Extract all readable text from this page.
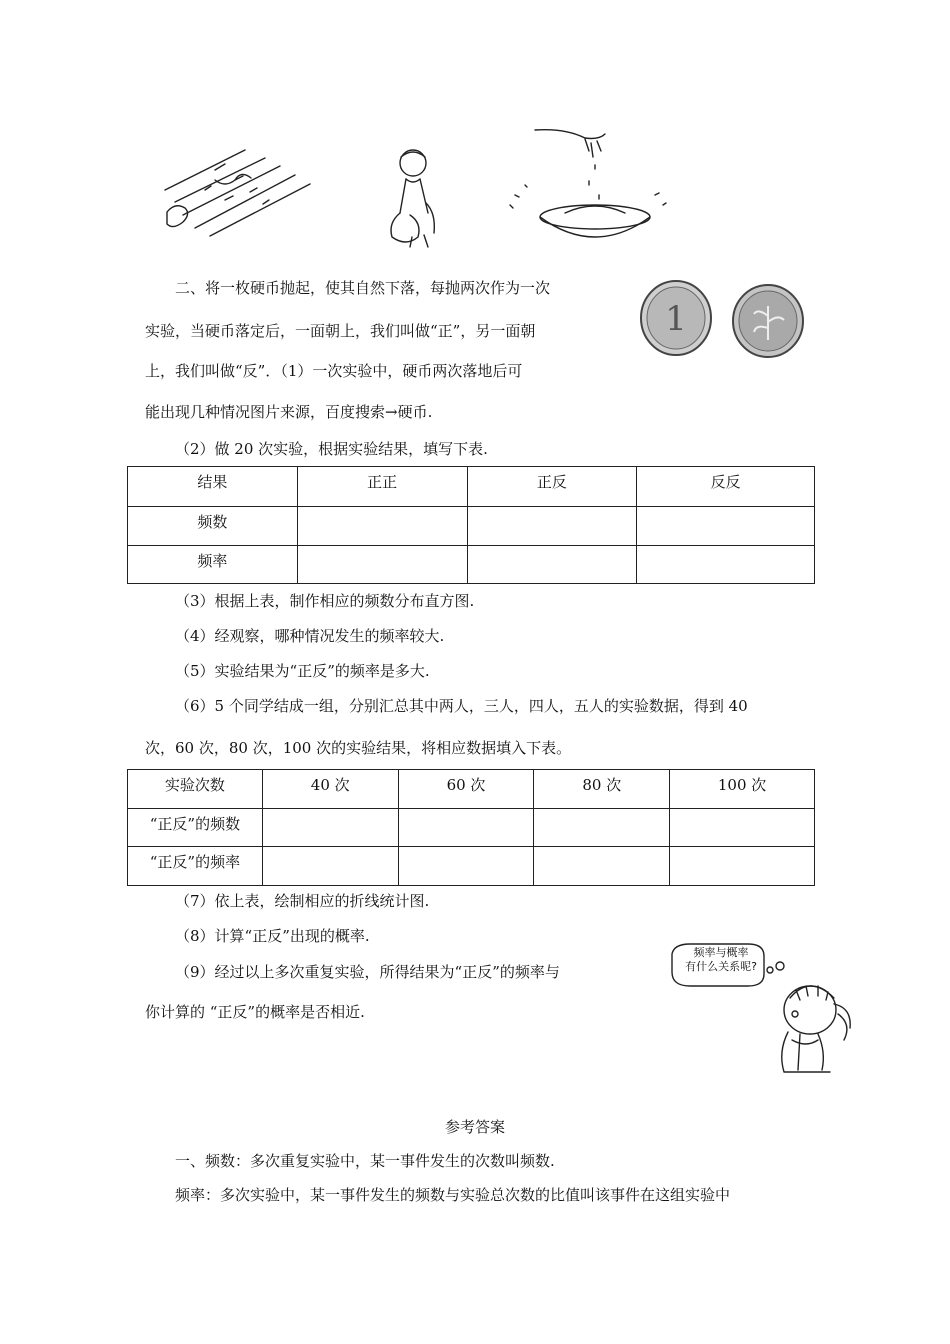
二、将一枚硬币抛起，使其自然下落，每抛两次作为一次
实验，当硬币落定后，一面朝上，我们叫做“正”，另一面朝
上，我们叫做“反”．（1）一次实验中，硬币两次落地后可
能出现几种情况图片来源，百度搜索→硬币.
1
（2）做 20 次实验，根据实验结果，填写下表.
结果	正正	正反	反反
频数			
频率			
（3）根据上表，制作相应的频数分布直方图.
（4）经观察，哪种情况发生的频率较大.
（5）实验结果为“正反”的频率是多大.
（6）5 个同学结成一组，分别汇总其中两人，三人，四人，五人的实验数据，得到 40
次，60 次，80 次，100 次的实验结果，将相应数据填入下表。
实验次数	40 次	60 次	80 次	100 次
“正反”的频数				
“正反”的频率				
（7）依上表，绘制相应的折线统计图.
（8）计算“正反”出现的概率.
（9）经过以上多次重复实验，所得结果为“正反”的频率与
你计算的 “正反”的概率是否相近.
频率与概率
有什么关系呢?
参考答案
一、频数：多次重复实验中，某一事件发生的次数叫频数.
频率：多次实验中，某一事件发生的频数与实验总次数的比值叫该事件在这组实验中
